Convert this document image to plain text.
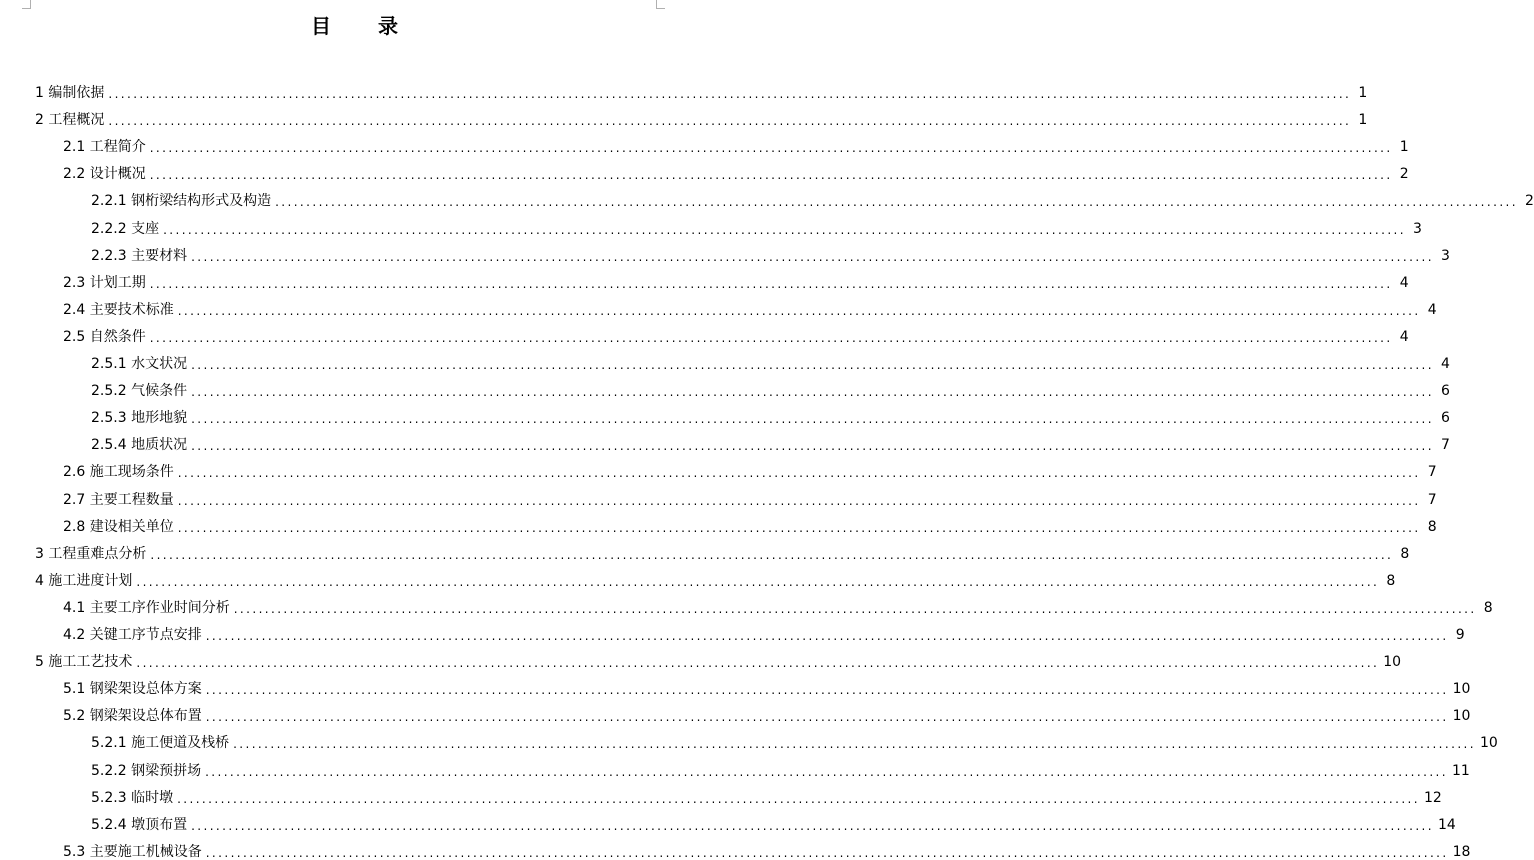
目 录
1 编制依据 ........................................................................................................................................................................................................ 1
2 工程概况 ........................................................................................................................................................................................................ 1
2.1 工程简介 ........................................................................................................................................................................................................ 1
2.2 设计概况 ........................................................................................................................................................................................................ 2
2.2.1 钢桁梁结构形式及构造 ........................................................................................................................................................................................................ 2
2.2.2 支座 ........................................................................................................................................................................................................ 3
2.2.3 主要材料 ........................................................................................................................................................................................................ 3
2.3 计划工期 ........................................................................................................................................................................................................ 4
2.4 主要技术标准 ........................................................................................................................................................................................................ 4
2.5 自然条件 ........................................................................................................................................................................................................ 4
2.5.1 水文状况 ........................................................................................................................................................................................................ 4
2.5.2 气候条件 ........................................................................................................................................................................................................ 6
2.5.3 地形地貌 ........................................................................................................................................................................................................ 6
2.5.4 地质状况 ........................................................................................................................................................................................................ 7
2.6 施工现场条件 ........................................................................................................................................................................................................ 7
2.7 主要工程数量 ........................................................................................................................................................................................................ 7
2.8 建设相关单位 ........................................................................................................................................................................................................ 8
3 工程重难点分析 ........................................................................................................................................................................................................ 8
4 施工进度计划 ........................................................................................................................................................................................................ 8
4.1 主要工序作业时间分析 ........................................................................................................................................................................................................ 8
4.2 关键工序节点安排 ........................................................................................................................................................................................................ 9
5 施工工艺技术 ........................................................................................................................................................................................................ 10
5.1 钢梁架设总体方案 ........................................................................................................................................................................................................ 10
5.2 钢梁架设总体布置 ........................................................................................................................................................................................................ 10
5.2.1 施工便道及栈桥 ........................................................................................................................................................................................................ 10
5.2.2 钢梁预拼场 ........................................................................................................................................................................................................ 11
5.2.3 临时墩 ........................................................................................................................................................................................................ 12
5.2.4 墩顶布置 ........................................................................................................................................................................................................ 14
5.3 主要施工机械设备 ........................................................................................................................................................................................................ 18
